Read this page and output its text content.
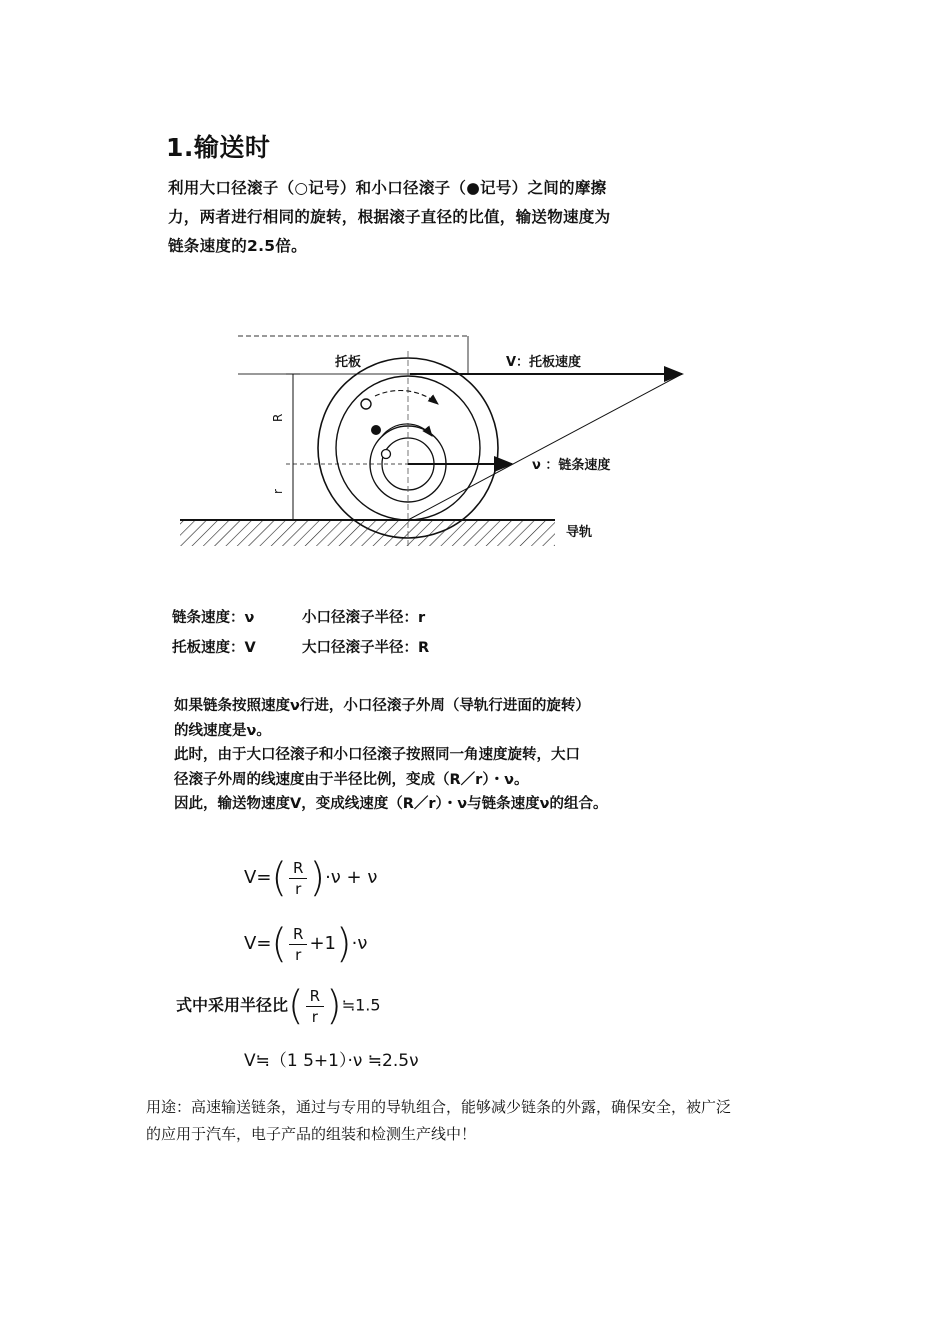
1.输送时
利用大口径滚子（○记号）和小口径滚子（●记号）之间的摩擦
力，两者进行相同的旋转，根据滚子直径的比值，输送物速度为
链条速度的2.5倍。
托板	V：托板速度
导轨
ν ：链条速度
R
r
链条速度：ν	小口径滚子半径：r
托板速度：V	大口径滚子半径：R
如果链条按照速度ν行进，小口径滚子外周（导轨行进面的旋转）
的线速度是ν。
此时，由于大口径滚子和小口径滚子按照同一角速度旋转，大口
径滚子外周的线速度由于半径比例，变成（R／r）・ν。
因此，输送物速度V，变成线速度（R／r）・ν与链条速度ν的组合。
$V=( \frac{R}{r} )\cdot\nu + \nu$
$V=( \frac{R}{r} +1)\cdot\nu$
式中采用半径比( $\frac{R}{r}$ )≒1.5
V≒（1 5+1）·ν ≒2.5ν
用途：高速输送链条，通过与专用的导轨组合，能够减少链条的外露，确保安全，被广泛
的应用于汽车，电子产品的组装和检测生产线中！
